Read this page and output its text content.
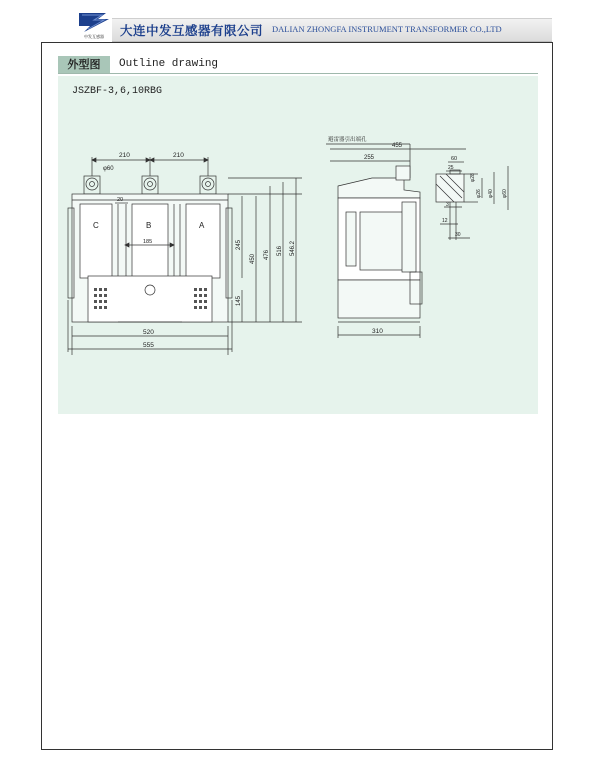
中发互感器 大连中发互感器有限公司 DALIAN ZHONGFA INSTRUMENT TRANSFORMER CO.,LTD
外型图	Outline drawing
JSZBF-3,6,10RBG
210	210
φ60
20
C	B	A
185	245
450 476 516 546.2
145
520
555
避雷器引出端孔
455
255
310
60
25
φ28
φ26 φ40 φ60
3
12
30
